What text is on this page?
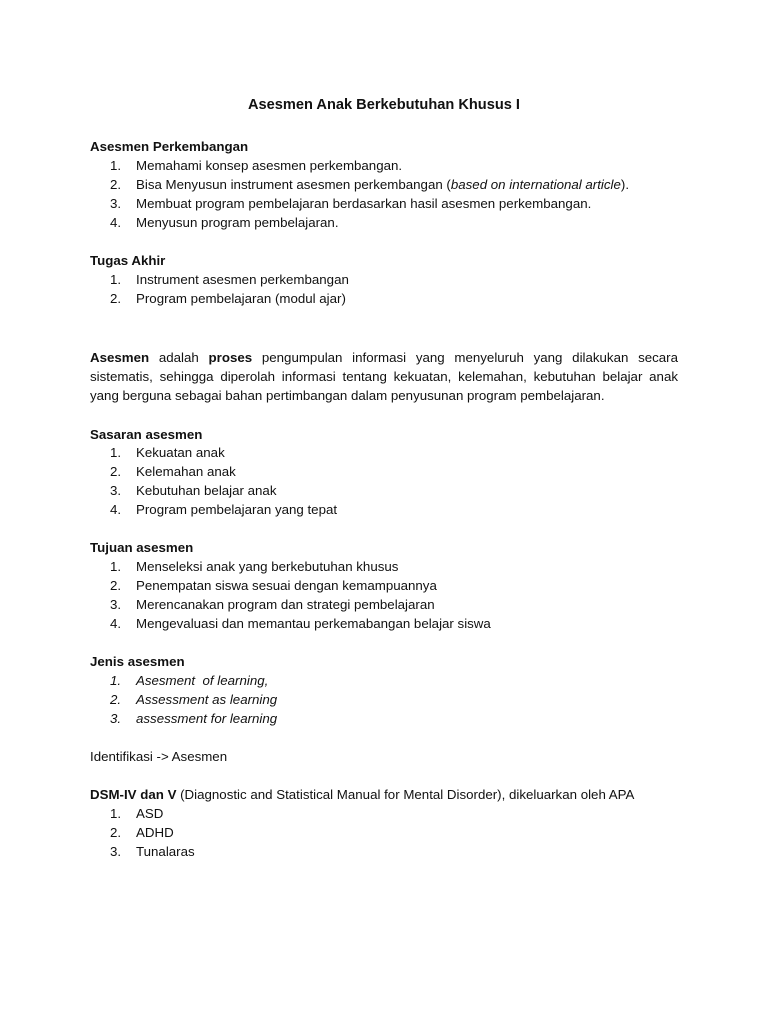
Asesmen Anak Berkebutuhan Khusus I
Asesmen Perkembangan
1. Memahami konsep asesmen perkembangan.
2. Bisa Menyusun instrument asesmen perkembangan (based on international article).
3. Membuat program pembelajaran berdasarkan hasil asesmen perkembangan.
4. Menyusun program pembelajaran.
Tugas Akhir
1. Instrument asesmen perkembangan
2. Program pembelajaran (modul ajar)
Asesmen adalah proses pengumpulan informasi yang menyeluruh yang dilakukan secara
sistematis, sehingga diperolah informasi tentang kekuatan, kelemahan, kebutuhan belajar anak
yang berguna sebagai bahan pertimbangan dalam penyusunan program pembelajaran.
Sasaran asesmen
1. Kekuatan anak
2. Kelemahan anak
3. Kebutuhan belajar anak
4. Program pembelajaran yang tepat
Tujuan asesmen
1. Menseleksi anak yang berkebutuhan khusus
2. Penempatan siswa sesuai dengan kemampuannya
3. Merencanakan program dan strategi pembelajaran
4. Mengevaluasi dan memantau perkemabangan belajar siswa
Jenis asesmen
1. Asesment  of learning,
2. Assessment as learning
3. assessment for learning
Identifikasi -> Asesmen
DSM-IV dan V (Diagnostic and Statistical Manual for Mental Disorder), dikeluarkan oleh APA
1. ASD
2. ADHD
3. Tunalaras
